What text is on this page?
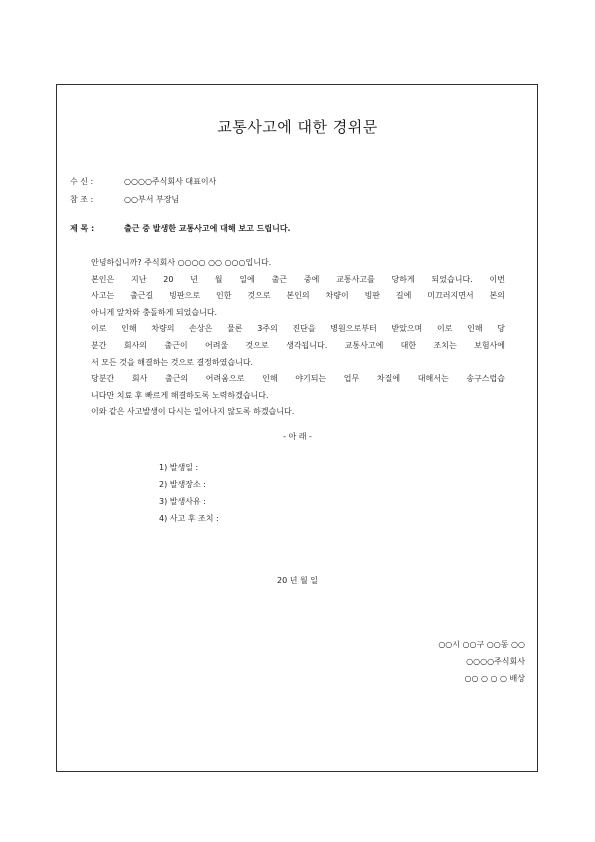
교통사고에 대한 경위문
수 신 :	○○○○주식회사 대표이사
참 조 :	○○부서 부장님
제 목 :	출근 중 발생한 교통사고에 대해 보고 드립니다.
안녕하십니까? 주식회사 ○○○○ ○○ ○○○입니다.
본인은 지난 20 년 월 일에 출근 중에 교통사고를 당하게 되었습니다. 이번
사고는 출근길 빙판으로 인한 것으로 본인의 차량이 빙판 길에 미끄러지면서 본의
아니게 앞차와 충돌하게 되었습니다.
이로 인해 차량의 손상은 물론 3주의 진단을 병원으로부터 받았으며 이로 인해 당
분간 회사의 출근이 어려울 것으로 생각됩니다. 교통사고에 대한 조치는 보험사에
서 모든 것을 해결하는 것으로 결정하였습니다.
당분간 회사 출근의 어려움으로 인해 야기되는 업무 차질에 대해서는 송구스럽습
니다만 치료 후 빠르게 해결하도록 노력하겠습니다.
이와 같은 사고발생이 다시는 일어나지 않도록 하겠습니다.
- 아 래 -
1) 발생일 :
2) 발생장소 :
3) 발생사유 :
4) 사고 후 조치 :
20 년 월 일
○○시 ○○구 ○○동 ○○
○○○○주식회사
○○ ○ ○ ○ 배상
